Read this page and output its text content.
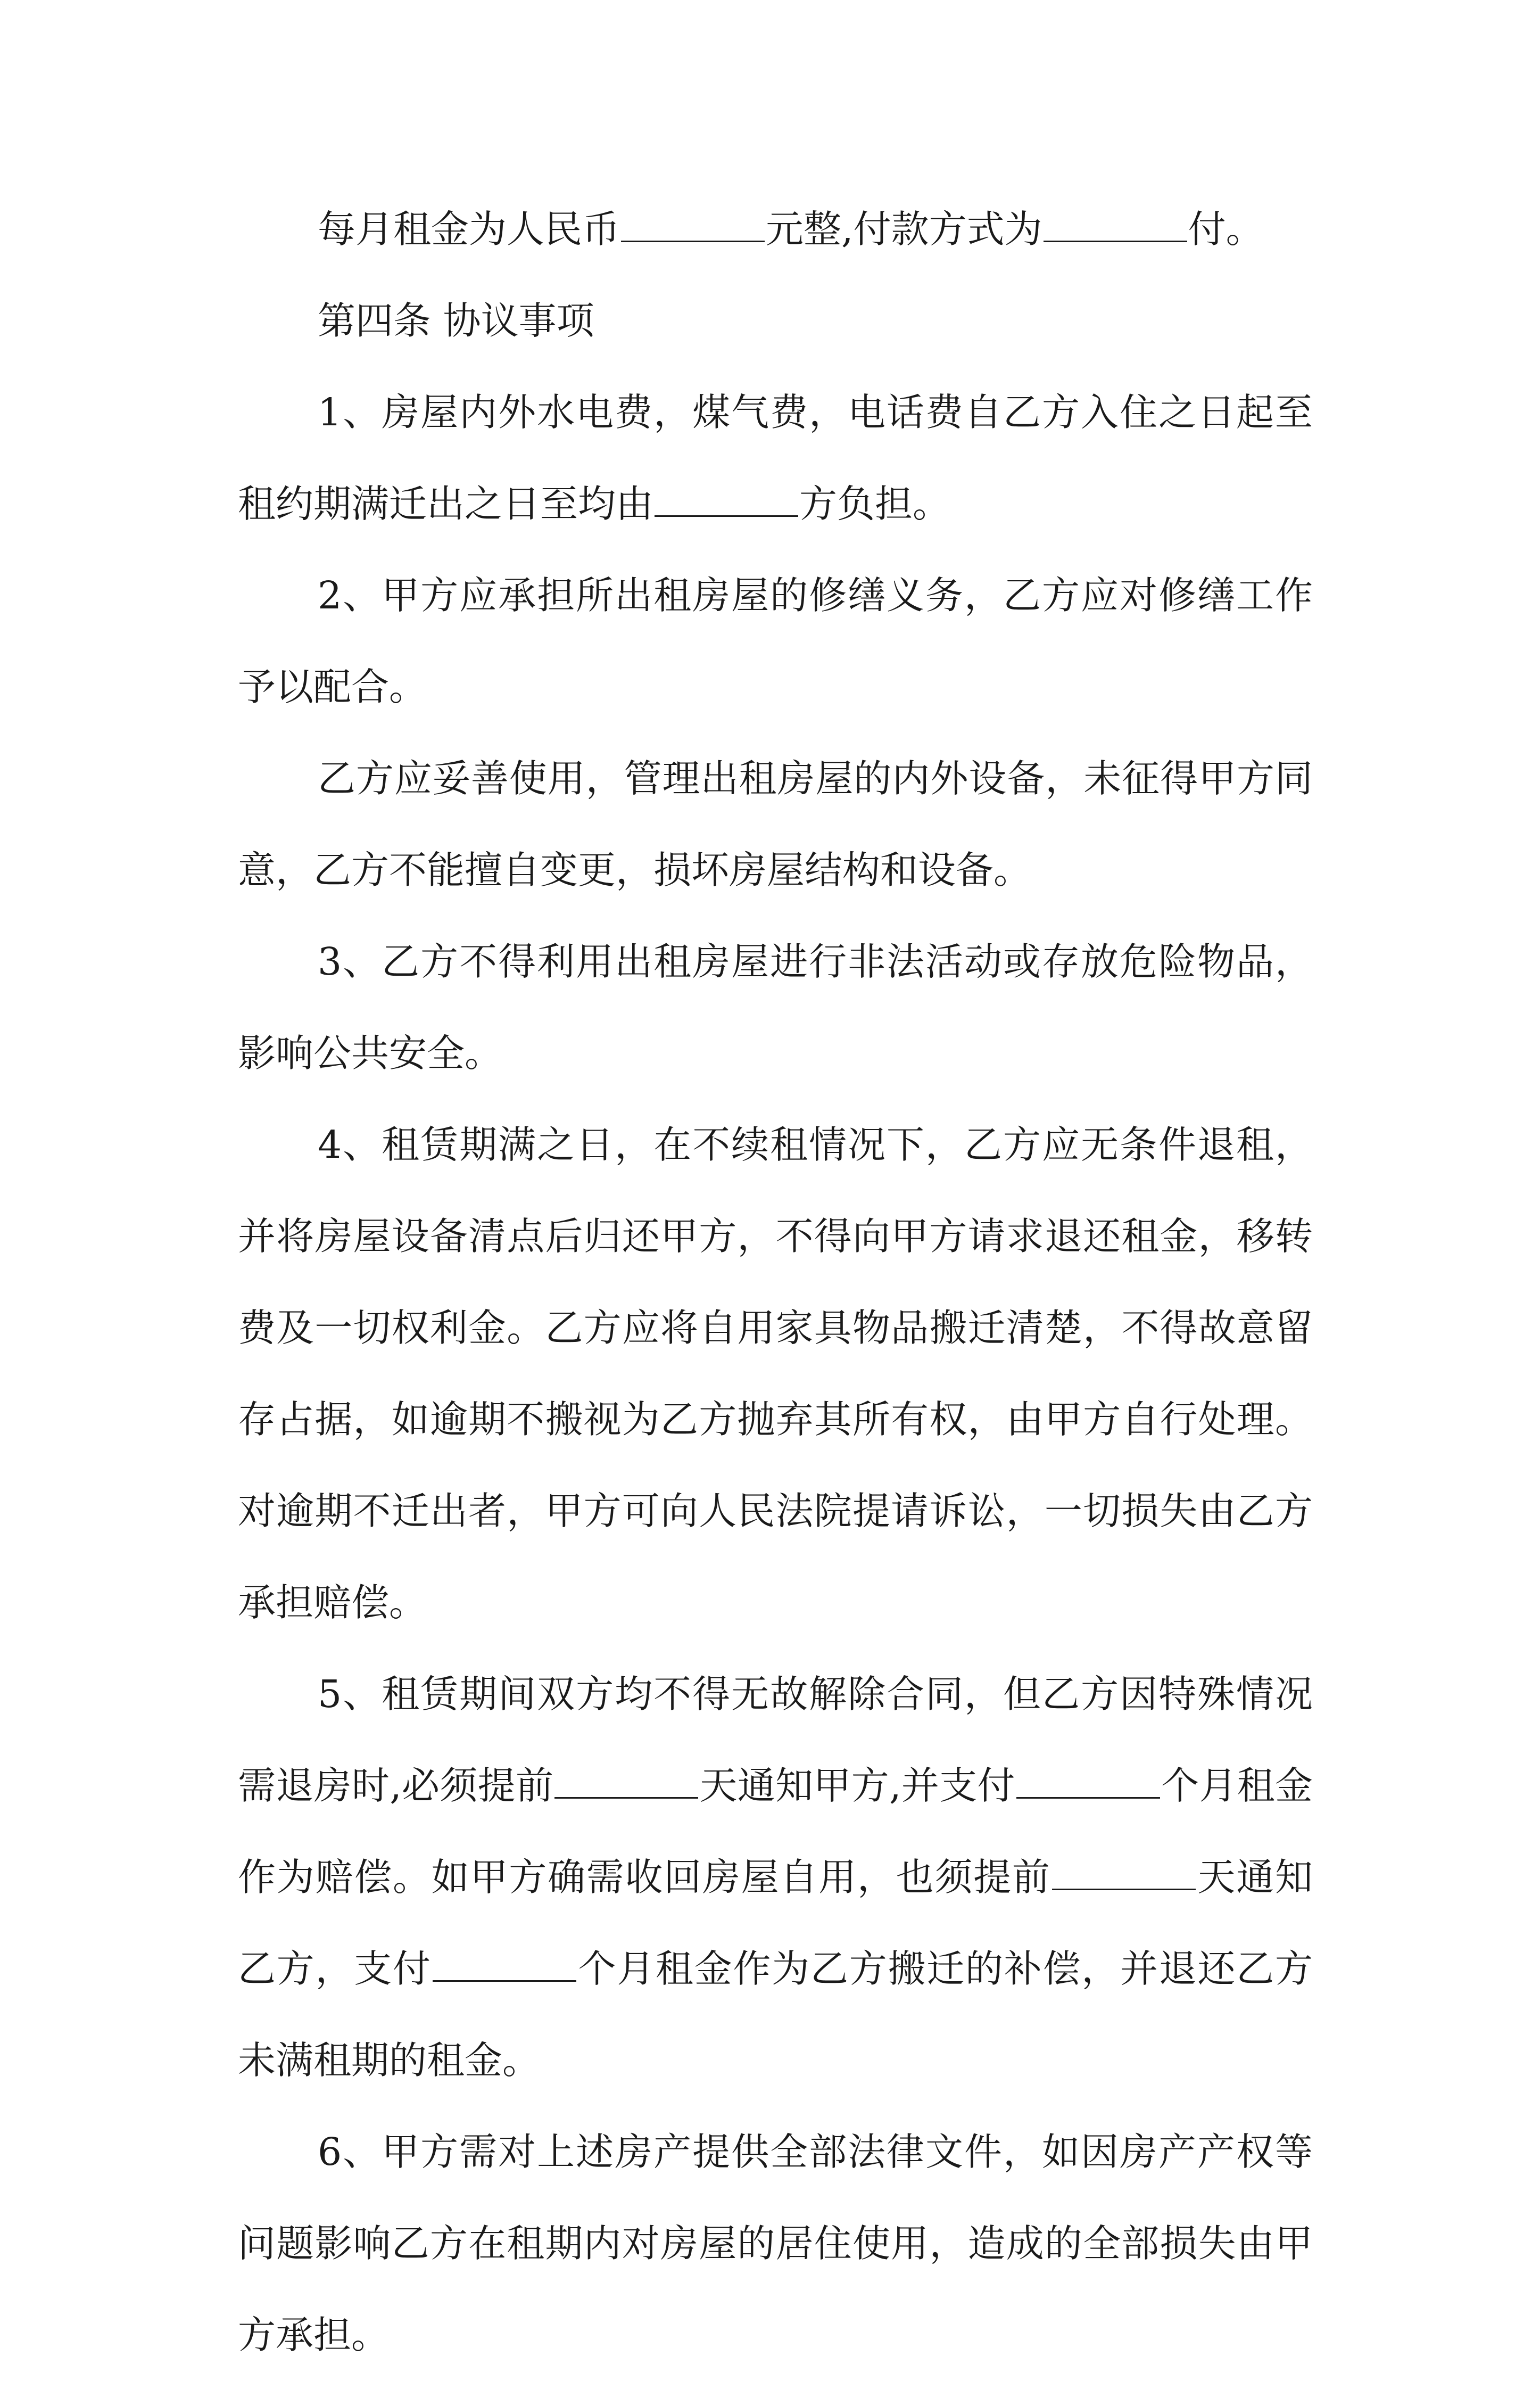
每月租金为人民币	元整,付款方式为	付。

第四条 协议事项

1、房屋内外水电费，煤气费，电话费自乙方入住之日起至租约期满迁出之日至均由	方负担。

2、甲方应承担所出租房屋的修缮义务，乙方应对修缮工作予以配合。

乙方应妥善使用，管理出租房屋的内外设备，未征得甲方同意，乙方不能擅自变更，损坏房屋结构和设备。

3、乙方不得利用出租房屋进行非法活动或存放危险物品，影响公共安全。

4、租赁期满之日，在不续租情况下，乙方应无条件退租，并将房屋设备清点后归还甲方，不得向甲方请求退还租金，移转费及一切权利金。乙方应将自用家具物品搬迁清楚，不得故意留存占据，如逾期不搬视为乙方抛弃其所有权，由甲方自行处理。对逾期不迁出者，甲方可向人民法院提请诉讼，一切损失由乙方承担赔偿。

5、租赁期间双方均不得无故解除合同，但乙方因特殊情况需退房时,必须提前	天通知甲方,并支付	个月租金作为赔偿。如甲方确需收回房屋自用，也须提前	天通知乙方，支付	个月租金作为乙方搬迁的补偿，并退还乙方未满租期的租金。

6、甲方需对上述房产提供全部法律文件，如因房产产权等问题影响乙方在租期内对房屋的居住使用，造成的全部损失由甲方承担。
